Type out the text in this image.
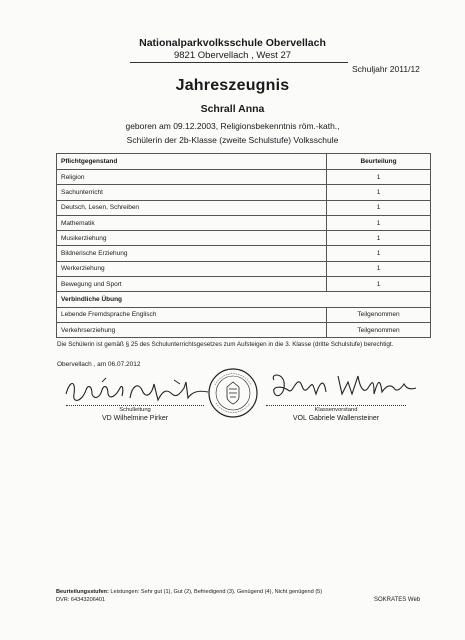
Nationalparkvolksschule Obervellach
9821 Obervellach , West 27
Schuljahr 2011/12
Jahreszeugnis
Schrall Anna
geboren am 09.12.2003, Religionsbekenntnis röm.-kath.,
Schülerin der 2b-Klasse (zweite Schulstufe) Volksschule
Pflichtgegenstand	Beurteilung
Religion	1
Sachunterricht	1
Deutsch, Lesen, Schreiben	1
Mathematik	1
Musikerziehung	1
Bildnerische Erziehung	1
Werkerziehung	1
Bewegung und Sport	1
Verbindliche Übung	
Lebende Fremdsprache Englisch	Teilgenommen
Verkehrserziehung	Teilgenommen
Die Schülerin ist gemäß § 25 des Schulunterrichtsgesetzes zum Aufsteigen in die 3. Klasse (dritte Schulstufe) berechtigt.
Obervellach , am 06.07.2012
Schulleitung
VD Wilhelmine Pirker
Klassenvorstand
VOL Gabriele Wallensteiner
Beurteilungsstufen: Leistungen: Sehr gut (1), Gut (2), Befriedigend (3), Genügend (4), Nicht genügend (5)
DVR: 64343206401	SOKRATES Web
